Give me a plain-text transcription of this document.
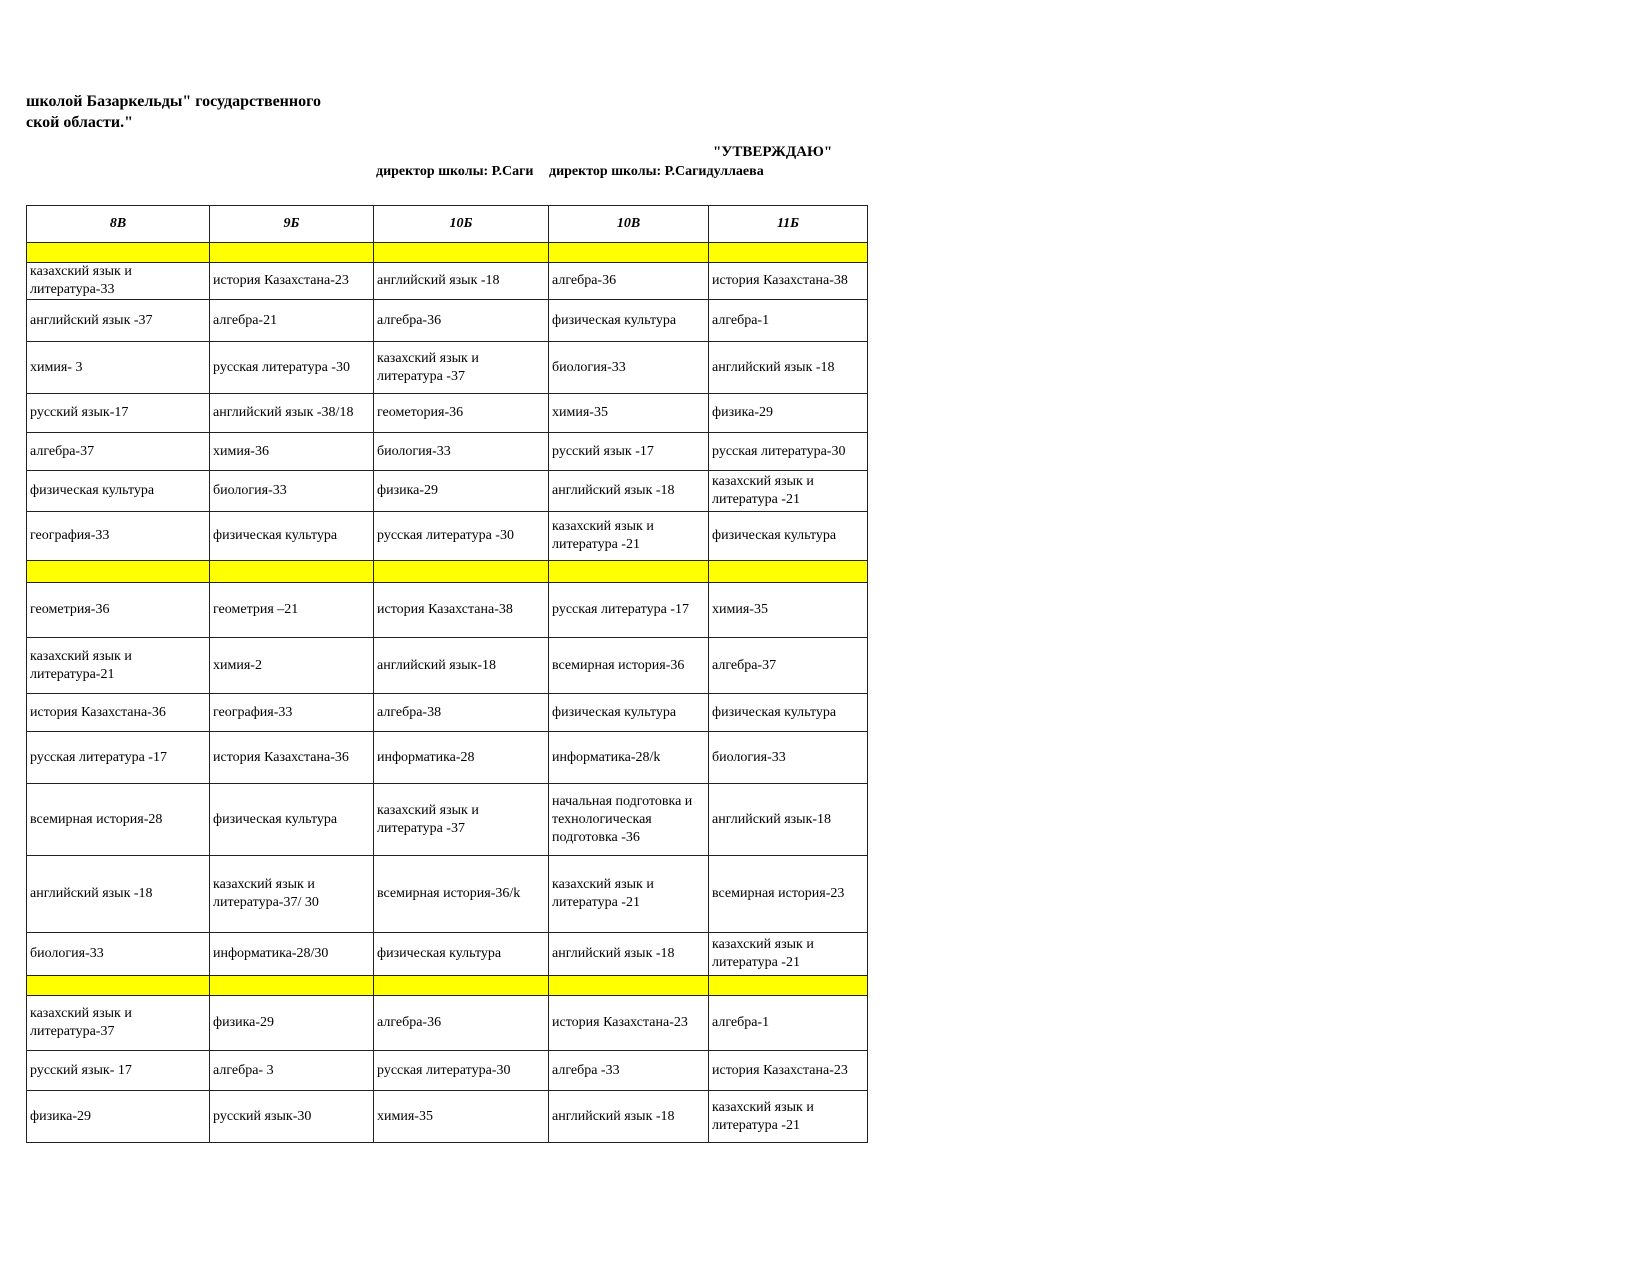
школой Базаркельды" государственного
ской области."
"УТВЕРЖДАЮ"
директор школы: Р.Саги директор школы: Р.Сагидуллаева
8В	9Б	10Б	10В	11Б

казахский язык и литература-33	история Казахстана-23	английский язык -18	алгебра-36	история Казахстана-38
английский язык -37	алгебра-21	алгебра-36	физическая культура	алгебра-1
химия- 3	русская литература -30	казахский язык и литература -37	биология-33	английский язык -18
русский язык-17	английский язык -38/18	геометория-36	химия-35	физика-29
алгебра-37	химия-36	биология-33	русский язык -17	русская литература-30
физическая культура	биология-33	физика-29	английский язык -18	казахский язык и литература -21
география-33	физическая культура	русская литература -30	казахский язык и литература -21	физическая культура

геометрия-36	геометрия –21	история Казахстана-38	русская литература -17	химия-35
казахский язык и литература-21	химия-2	английский язык-18	всемирная история-36	алгебра-37
история Казахстана-36	география-33	алгебра-38	физическая культура	физическая культура
русская литература -17	история Казахстана-36	информатика-28	информатика-28/k	биология-33
всемирная история-28	физическая культура	казахский язык и литература -37	начальная подготовка и технологическая подготовка -36	английский язык-18
английский язык -18	казахский язык и литература-37/ 30	всемирная история-36/k	казахский язык и литература -21	всемирная история-23
биология-33	информатика-28/30	физическая культура	английский язык -18	казахский язык и литература -21

казахский язык и литература-37	физика-29	алгебра-36	история Казахстана-23	алгебра-1
русский язык- 17	алгебра- 3	русская литература-30	алгебра -33	история Казахстана-23
физика-29	русский язык-30	химия-35	английский язык -18	казахский язык и литература -21
